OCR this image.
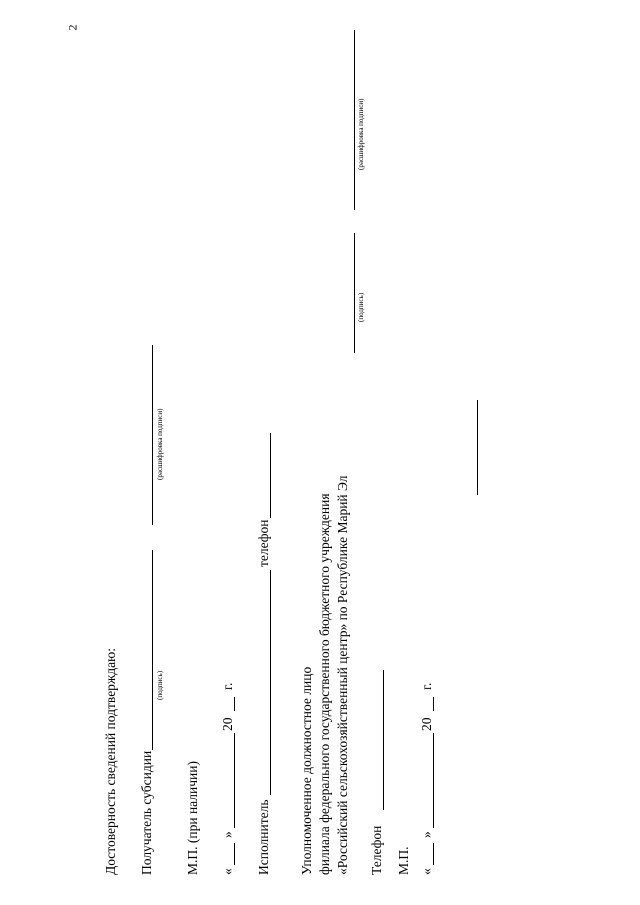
2
Достоверность сведений подтверждаю: Получатель субсидии
(подпись)
(расшифровка подписи)
М.П. (при наличии) «
»
20
г.
Исполнитель
телефон
Уполномоченное должностное лицо филиала федерального государственного бюджетного учреждения «Российский сельскохозяйственный центр» по Республике Марий Эл
(подпись)
(расшифровка подписи)
Телефон М.П. «
»
20
г.
